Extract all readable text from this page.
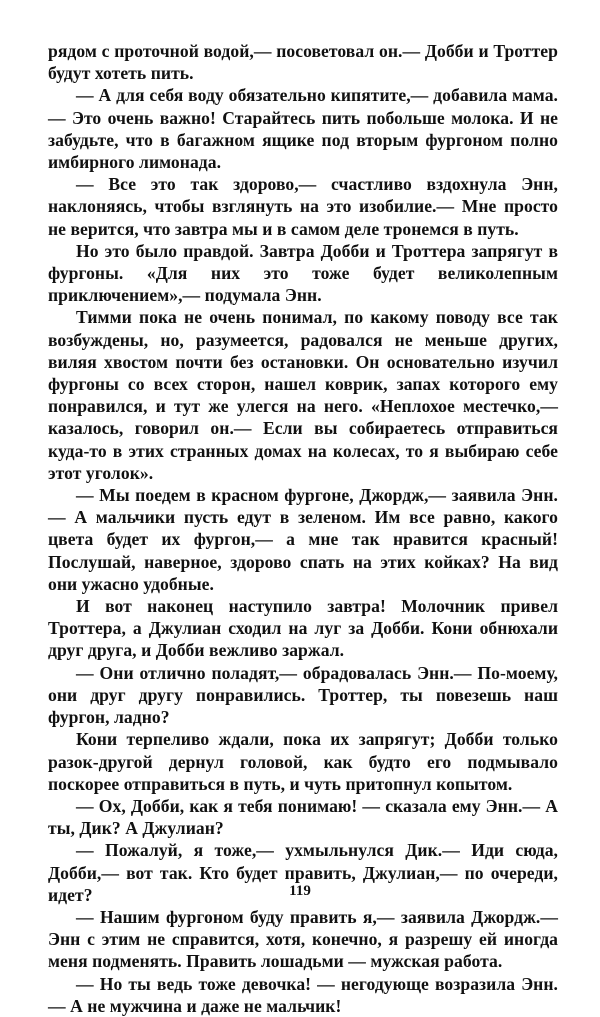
рядом с проточной водой,— посоветовал он.— Добби и Троттер будут хотеть пить.

— А для себя воду обязательно кипятите,— добавила мама.— Это очень важно! Старайтесь пить побольше молока. И не забудьте, что в багажном ящике под вторым фургоном полно имбирного лимонада.

— Все это так здорово,— счастливо вздохнула Энн, наклоняясь, чтобы взглянуть на это изобилие.— Мне просто не верится, что завтра мы и в самом деле тронемся в путь.

Но это было правдой. Завтра Добби и Троттера запрягут в фургоны. «Для них это тоже будет великолепным приключением»,— подумала Энн.

Тимми пока не очень понимал, по какому поводу все так возбуждены, но, разумеется, радовался не меньше других, виляя хвостом почти без остановки. Он основательно изучил фургоны со всех сторон, нашел коврик, запах которого ему понравился, и тут же улегся на него. «Неплохое местечко,— казалось, говорил он.— Если вы собираетесь отправиться куда-то в этих странных домах на колесах, то я выбираю себе этот уголок».

— Мы поедем в красном фургоне, Джордж,— заявила Энн.— А мальчики пусть едут в зеленом. Им все равно, какого цвета будет их фургон,— а мне так нравится красный! Послушай, наверное, здорово спать на этих койках? На вид они ужасно удобные.

И вот наконец наступило завтра! Молочник привел Троттера, а Джулиан сходил на луг за Добби. Кони обнюхали друг друга, и Добби вежливо заржал.

— Они отлично поладят,— обрадовалась Энн.— По-моему, они друг другу понравились. Троттер, ты повезешь наш фургон, ладно?

Кони терпеливо ждали, пока их запрягут; Добби только разок-другой дернул головой, как будто его подмывало поскорее отправиться в путь, и чуть притопнул копытом.

— Ох, Добби, как я тебя понимаю! — сказала ему Энн.— А ты, Дик? А Джулиан?

— Пожалуй, я тоже,— ухмыльнулся Дик.— Иди сюда, Добби,— вот так. Кто будет править, Джулиан,— по очереди, идет?

— Нашим фургоном буду править я,— заявила Джордж.— Энн с этим не справится, хотя, конечно, я разрешу ей иногда меня подменять. Править лошадьми — мужская работа.

— Но ты ведь тоже девочка! — негодующе возразила Энн.— А не мужчина и даже не мальчик!

119
